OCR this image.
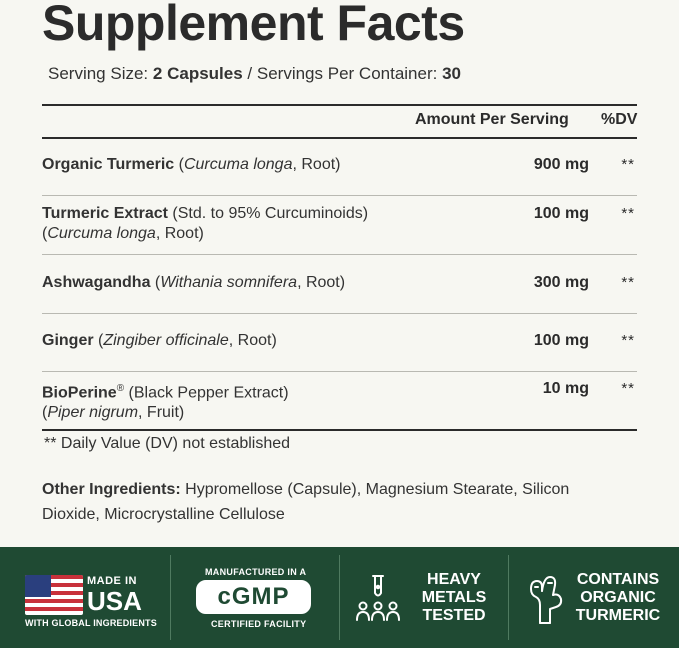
Supplement Facts
Serving Size: 2 Capsules / Servings Per Container: 30
Amount Per Serving %DV
Organic Turmeric (Curcuma longa, Root)	900 mg **
Turmeric Extract (Std. to 95% Curcuminoids)
(Curcuma longa, Root)
100 mg **
Ashwagandha (Withania somnifera, Root)	300 mg **
Ginger (Zingiber officinale, Root)	100 mg **
BioPerine® (Black Pepper Extract)
(Piper nigrum, Fruit)
10 mg **
** Daily Value (DV) not established
Other Ingredients: Hypromellose (Capsule), Magnesium Stearate, Silicon Dioxide, Microcrystalline Cellulose
MADE IN
USA
WITH GLOBAL INGREDIENTS
MANUFACTURED IN A
cGMP
CERTIFIED FACILITY
HEAVY
METALS
TESTED
CONTAINS
ORGANIC
TURMERIC
